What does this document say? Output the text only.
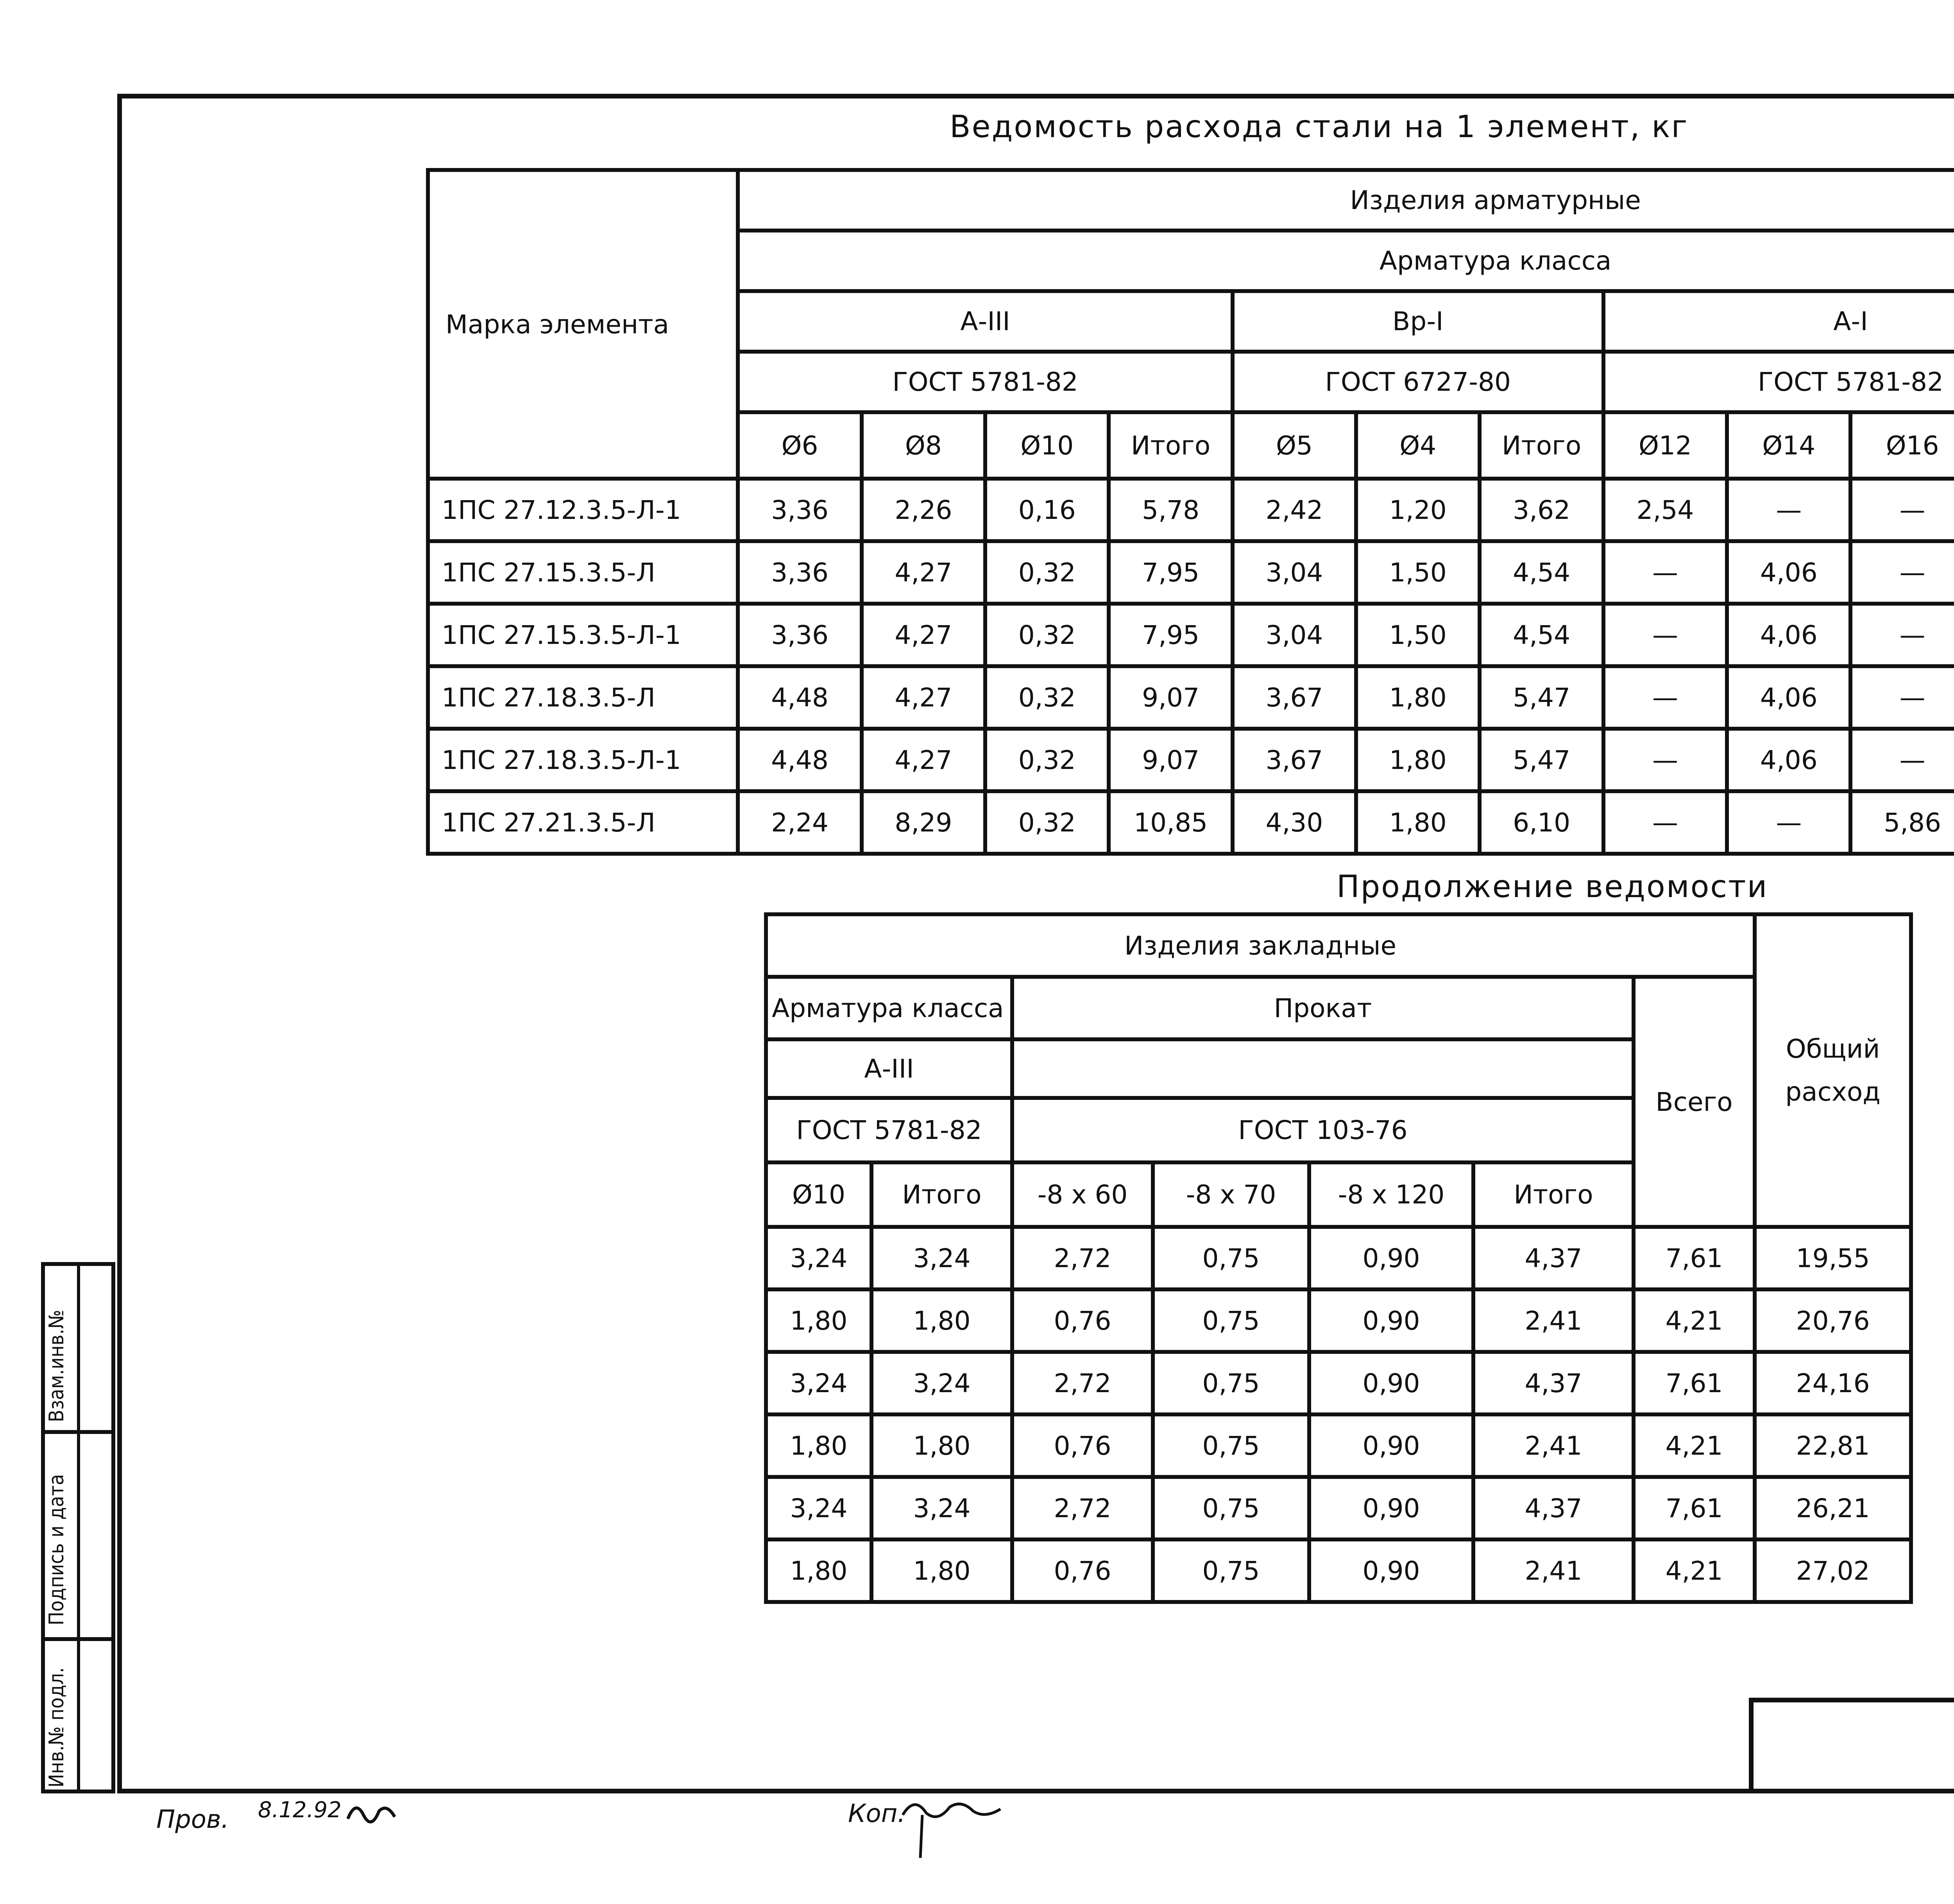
Взам.инв.№
Подпись и дата
Инв.№ подл.
Ведомость расхода стали на 1 элемент, кг
Марка элемента	Изделия арматурные											
	Арматура класса											
	А-III				Вр-I			А-I	
	ГОСТ 5781-82				ГОСТ 6727-80			ГОСТ 5781-82				
	Ø6	Ø8	Ø10	Итого	Ø5	Ø4	Итого	Ø12	Ø14	Ø16	
1ПС 27.12.3.5-Л-1	3,36	2,26	0,16	5,78	2,42	1,20	3,62	2,54	—	—		
1ПС 27.15.3.5-Л	3,36	4,27	0,32	7,95	3,04	1,50	4,54	—	4,06	—		
1ПС 27.15.3.5-Л-1	3,36	4,27	0,32	7,95	3,04	1,50	4,54	—	4,06	—		
1ПС 27.18.3.5-Л	4,48	4,27	0,32	9,07	3,67	1,80	5,47	—	4,06	—		
1ПС 27.18.3.5-Л-1	4,48	4,27	0,32	9,07	3,67	1,80	5,47	—	4,06	—		
1ПС 27.21.3.5-Л	2,24	8,29	0,32	10,85	4,30	1,80	6,10	—	—	5,86		
Продолжение ведомости
Изделия закладные							Общий расход
Арматура класса		Прокат				Всего	
А-III							
ГОСТ 5781-82		ГОСТ 103-76					
Ø10	Итого	-8 x 60	-8 x 70	-8 x 120	Итого		
3,24	3,24	2,72	0,75	0,90	4,37	7,61	19,55
1,80	1,80	0,76	0,75	0,90	2,41	4,21	20,76
3,24	3,24	2,72	0,75	0,90	4,37	7,61	24,16
1,80	1,80	0,76	0,75	0,90	2,41	4,21	22,81
3,24	3,24	2,72	0,75	0,90	4,37	7,61	26,21
1,80	1,80	0,76	0,75	0,90	2,41	4,21	27,02
Пров. 8.12.92	Коп.
